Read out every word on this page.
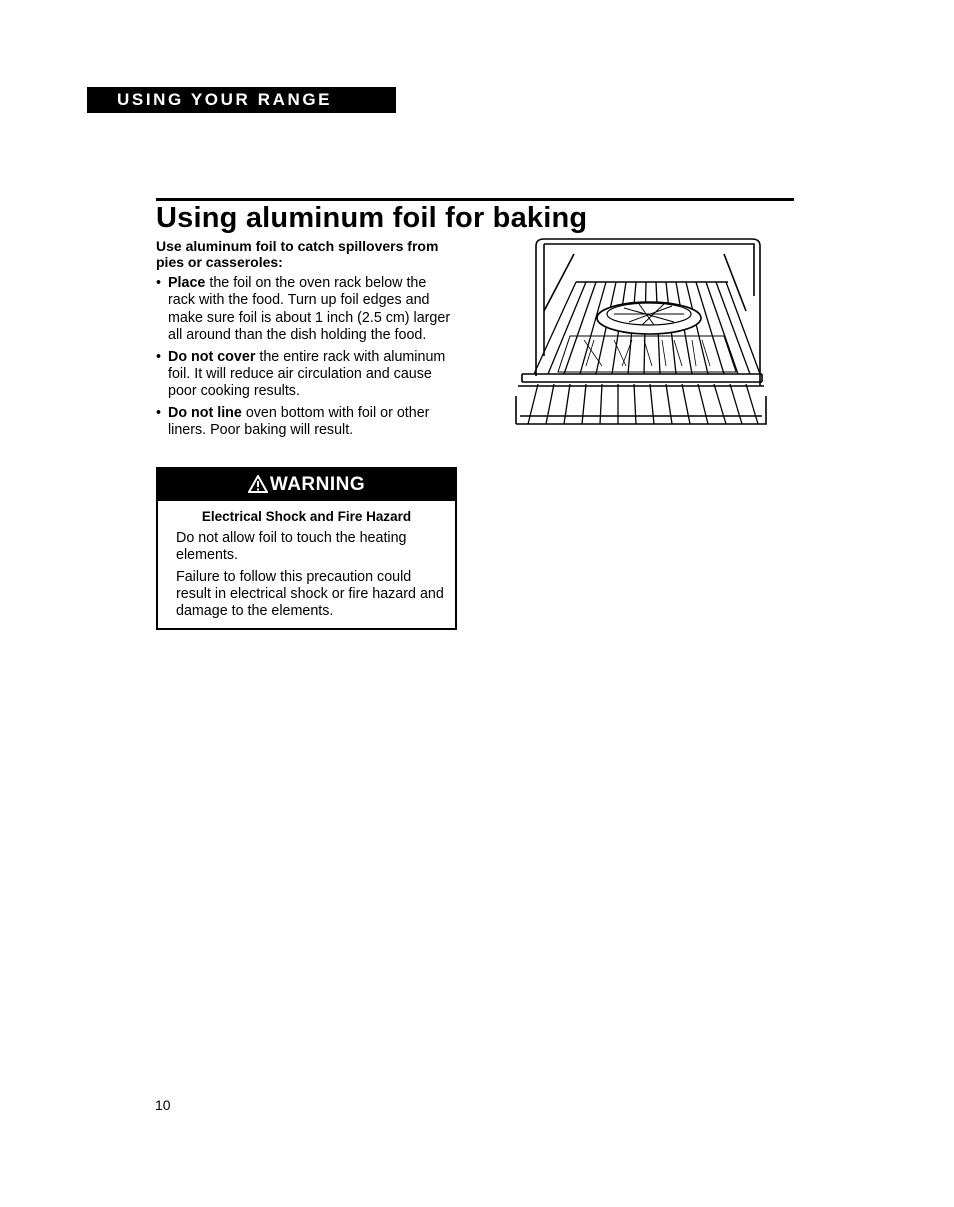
USING YOUR RANGE
Using aluminum foil for baking

Use aluminum foil to catch spillovers from pies or casseroles:

• Place the foil on the oven rack below the rack with the food. Turn up foil edges and make sure foil is about 1 inch (2.5 cm) larger all around than the dish holding the food.
• Do not cover the entire rack with aluminum foil. It will reduce air circulation and cause poor cooking results.
• Do not line oven bottom with foil or other liners. Poor baking will result.
WARNING
Electrical Shock and Fire Hazard

Do not allow foil to touch the heating elements.

Failure to follow this precaution could result in electrical shock or fire hazard and damage to the elements.

10
